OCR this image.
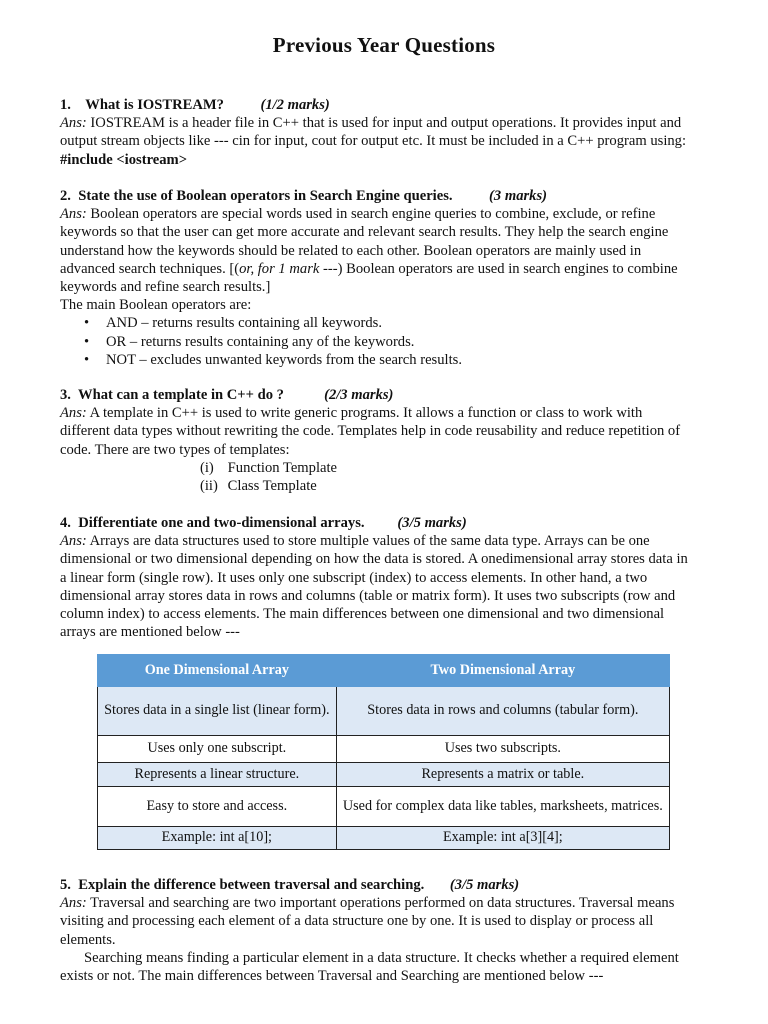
Previous Year Questions
1. What is IOSTREAM? (1/2 marks)
Ans: IOSTREAM is a header file in C++ that is used for input and output operations. It provides input and
output stream objects like --- cin for input, cout for output etc. It must be included in a C++ program using:
#include <iostream>
2. State the use of Boolean operators in Search Engine queries. (3 marks)
Ans: Boolean operators are special words used in search engine queries to combine, exclude, or refine
keywords so that the user can get more accurate and relevant search results. They help the search engine
understand how the keywords should be related to each other. Boolean operators are mainly used in
advanced search techniques. [(or, for 1 mark ---) Boolean operators are used in search engines to combine
keywords and refine search results.]
The main Boolean operators are:
• AND – returns results containing all keywords.
• OR – returns results containing any of the keywords.
• NOT – excludes unwanted keywords from the search results.
3. What can a template in C++ do ?	(2/3 marks)
Ans: A template in C++ is used to write generic programs. It allows a function or class to work with
different data types without rewriting the code. Templates help in code reusability and reduce repetition of
code. There are two types of templates:
(i) Function Template
(ii) Class Template
4. Differentiate one and two-dimensional arrays. (3/5 marks)
Ans: Arrays are data structures used to store multiple values of the same data type. Arrays can be one
dimensional or two dimensional depending on how the data is stored. A onedimensional array stores data in
a linear form (single row). It uses only one subscript (index) to access elements. In other hand, a two
dimensional array stores data in rows and columns (table or matrix form). It uses two subscripts (row and
column index) to access elements. The main differences between one dimensional and two dimensional
arrays are mentioned below ---
One Dimensional Array	Two Dimensional Array
Stores data in a single list (linear form).	Stores data in rows and columns (tabular form).
Uses only one subscript.	Uses two subscripts.
Represents a linear structure.	Represents a matrix or table.
Easy to store and access.	Used for complex data like tables, marksheets, matrices.
Example: int a[10];	Example: int a[3][4];
5. Explain the difference between traversal and searching. (3/5 marks)
Ans: Traversal and searching are two important operations performed on data structures. Traversal means
visiting and processing each element of a data structure one by one. It is used to display or process all
elements.
Searching means finding a particular element in a data structure. It checks whether a required element
exists or not. The main differences between Traversal and Searching are mentioned below ---
